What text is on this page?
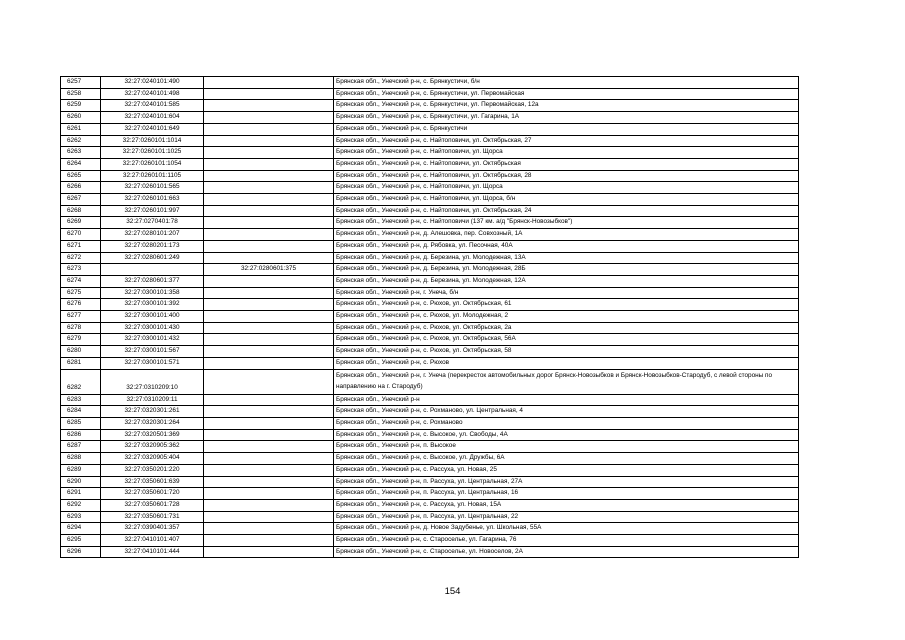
6257	32:27:0240101:490		Брянская обл., Унечский р-н, с. Брянкустичи, б/н
6258	32:27:0240101:498		Брянская обл., Унечский р-н, с. Брянкустичи, ул. Первомайская
6259	32:27:0240101:585		Брянская обл., Унечский р-н, с. Брянкустичи, ул. Первомайская, 12а
6260	32:27:0240101:604		Брянская обл., Унечский р-н, с. Брянкустичи, ул. Гагарина, 1А
6261	32:27:0240101:649		Брянская обл., Унечский р-н, с. Брянкустичи
6262	32:27:0260101:1014		Брянская обл., Унечский р-н, с. Найтоповичи, ул. Октябрьская, 27
6263	32:27:0260101:1025		Брянская обл., Унечский р-н, с. Найтоповичи, ул. Щорса
6264	32:27:0260101:1054		Брянская обл., Унечский р-н, с. Найтоповичи, ул. Октябрьская
6265	32:27:0260101:1105		Брянская обл., Унечский р-н, с. Найтоповичи, ул. Октябрьская, 28
6266	32:27:0260101:565		Брянская обл., Унечский р-н, с. Найтоповичи, ул. Щорса
6267	32:27:0260101:663		Брянская обл., Унечский р-н, с. Найтоповичи, ул. Щорса, б/н
6268	32:27:0260101:997		Брянская обл., Унечский р-н, с. Найтоповичи, ул. Октябрьская, 24
6269	32:27:0270401:78		Брянская обл., Унечский р-н, с. Найтоповичи (137 км. а/д "Брянск-Новозыбков")
6270	32:27:0280101:207		Брянская обл., Унечский р-н, д. Алешовка, пер. Совхозный, 1А
6271	32:27:0280201:173		Брянская обл., Унечский р-н, д. Рябовка, ул. Песочная, 40А
6272	32:27:0280601:249		Брянская обл., Унечский р-н, д. Березина, ул. Молодежная, 13А
6273		32:27:0280601:375	Брянская обл., Унечский р-н, д. Березина, ул. Молодежная, 28Б
6274	32:27:0280601:377		Брянская обл., Унечский р-н, д. Березина, ул. Молодежная, 12А
6275	32:27:0300101:358		Брянская обл., Унечский р-н, г. Унеча, б/н
6276	32:27:0300101:392		Брянская обл., Унечский р-н, с. Рюхов, ул. Октябрьская, 61
6277	32:27:0300101:400		Брянская обл., Унечский р-н, с. Рюхов, ул. Молодежная, 2
6278	32:27:0300101:430		Брянская обл., Унечский р-н, с. Рюхов, ул. Октябрьская, 2а
6279	32:27:0300101:432		Брянская обл., Унечский р-н, с. Рюхов, ул. Октябрьская, 56А
6280	32:27:0300101:567		Брянская обл., Унечский р-н, с. Рюхов, ул. Октябрьская, 58
6281	32:27:0300101:571		Брянская обл., Унечский р-н, с. Рюхов
6282	32:27:0310209:10		Брянская обл., Унечский р-н, г. Унеча (перекресток автомобильных дорог Брянск-Новозыбков и Брянск-Новозыбков-Стародуб, с левой стороны по направлению на г. Стародуб)
6283	32:27:0310209:11		Брянская обл., Унечский р-н
6284	32:27:0320301:261		Брянская обл., Унечский р-н, с. Рохманово, ул. Центральная, 4
6285	32:27:0320301:264		Брянская обл., Унечский р-н, с. Рохманово
6286	32:27:0320501:369		Брянская обл., Унечский р-н, с. Высокое, ул. Свободы, 4А
6287	32:27:0320905:362		Брянская обл., Унечский р-н, п. Высокое
6288	32:27:0320905:404		Брянская обл., Унечский р-н, с. Высокое, ул. Дружбы, 6А
6289	32:27:0350201:220		Брянская обл., Унечский р-н, с. Рассуха, ул. Новая, 25
6290	32:27:0350601:639		Брянская обл., Унечский р-н, п. Рассуха, ул. Центральная, 27А
6291	32:27:0350601:720		Брянская обл., Унечский р-н, п. Рассуха, ул. Центральная, 16
6292	32:27:0350601:728		Брянская обл., Унечский р-н, с. Рассуха, ул. Новая, 15А
6293	32:27:0350601:731		Брянская обл., Унечский р-н, п. Рассуха, ул. Центральная, 22
6294	32:27:0390401:357		Брянская обл., Унечский р-н, д. Новое Задубенье, ул. Школьная, 55А
6295	32:27:0410101:407		Брянская обл., Унечский р-н, с. Староселье, ул. Гагарина, 76
6296	32:27:0410101:444		Брянская обл., Унечский р-н, с. Староселье, ул. Новоселов, 2А
154
